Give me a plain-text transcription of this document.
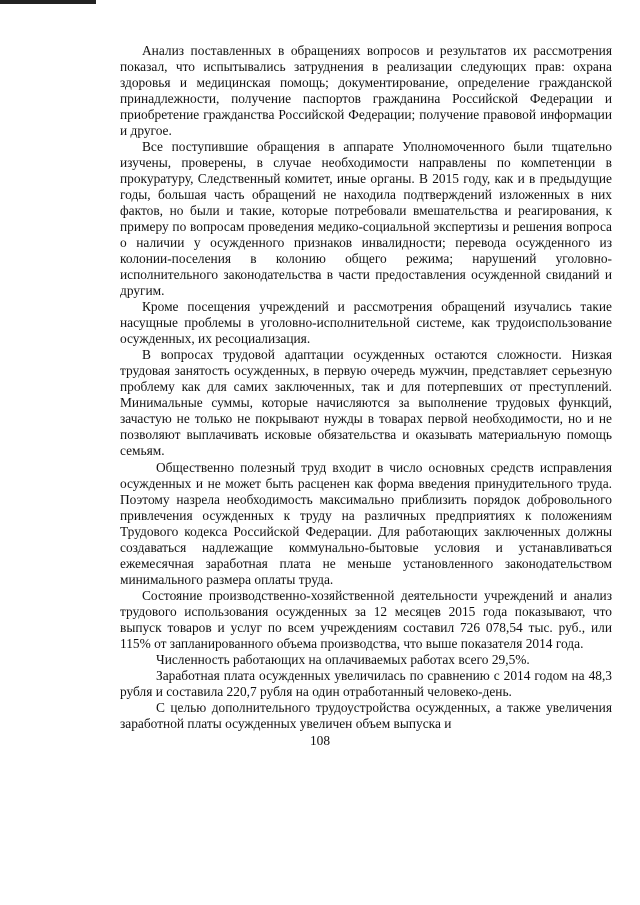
Анализ поставленных в обращениях вопросов и результатов их рассмотрения показал, что испытывались затруднения в реализации следующих прав: охрана здоровья и медицинская помощь; документирование, определение гражданской принадлежности, получение паспортов гражданина Российской Федерации и приобретение гражданства Российской Федерации; получение правовой информации и другое.

Все поступившие обращения в аппарате Уполномоченного были тщательно изучены, проверены, в случае необходимости направлены по компетенции в прокуратуру, Следственный комитет, иные органы. В 2015 году, как и в предыдущие годы, большая часть обращений не находила подтверждений изложенных в них фактов, но были и такие, которые потребовали вмешательства и реагирования, к примеру по вопросам проведения медико-социальной экспертизы и решения вопроса о наличии у осужденного признаков инвалидности; перевода осужденного из колонии-поселения в колонию общего режима; нарушений уголовно-исполнительного законодательства в части предоставления осужденной свиданий и другим.

Кроме посещения учреждений и рассмотрения обращений изучались такие насущные проблемы в уголовно-исполнительной системе, как трудоиспользование осужденных, их ресоциализация.

В вопросах трудовой адаптации осужденных остаются сложности. Низкая трудовая занятость осужденных, в первую очередь мужчин, представляет серьезную проблему как для самих заключенных, так и для потерпевших от преступлений. Минимальные суммы, которые начисляются за выполнение трудовых функций, зачастую не только не покрывают нужды в товарах первой необходимости, но и не позволяют выплачивать исковые обязательства и оказывать материальную помощь семьям.

Общественно полезный труд входит в число основных средств исправления осужденных и не может быть расценен как форма введения принудительного труда. Поэтому назрела необходимость максимально приблизить порядок добровольного привлечения осужденных к труду на различных предприятиях к положениям Трудового кодекса Российской Федерации. Для работающих заключенных должны создаваться надлежащие коммунально-бытовые условия и устанавливаться ежемесячная заработная плата не меньше установленного законодательством минимального размера оплаты труда.

Состояние производственно-хозяйственной деятельности учреждений и анализ трудового использования осужденных за 12 месяцев 2015 года показывают, что выпуск товаров и услуг по всем учреждениям составил 726 078,54 тыс. руб., или 115% от запланированного объема производства, что выше показателя 2014 года.

Численность работающих на оплачиваемых работах всего 29,5%.

Заработная плата осужденных увеличилась по сравнению с 2014 годом на 48,3 рубля и составила 220,7 рубля на один отработанный человеко-день.

С целью дополнительного трудоустройства осужденных, а также увеличения заработной платы осужденных увеличен объем выпуска и

108
